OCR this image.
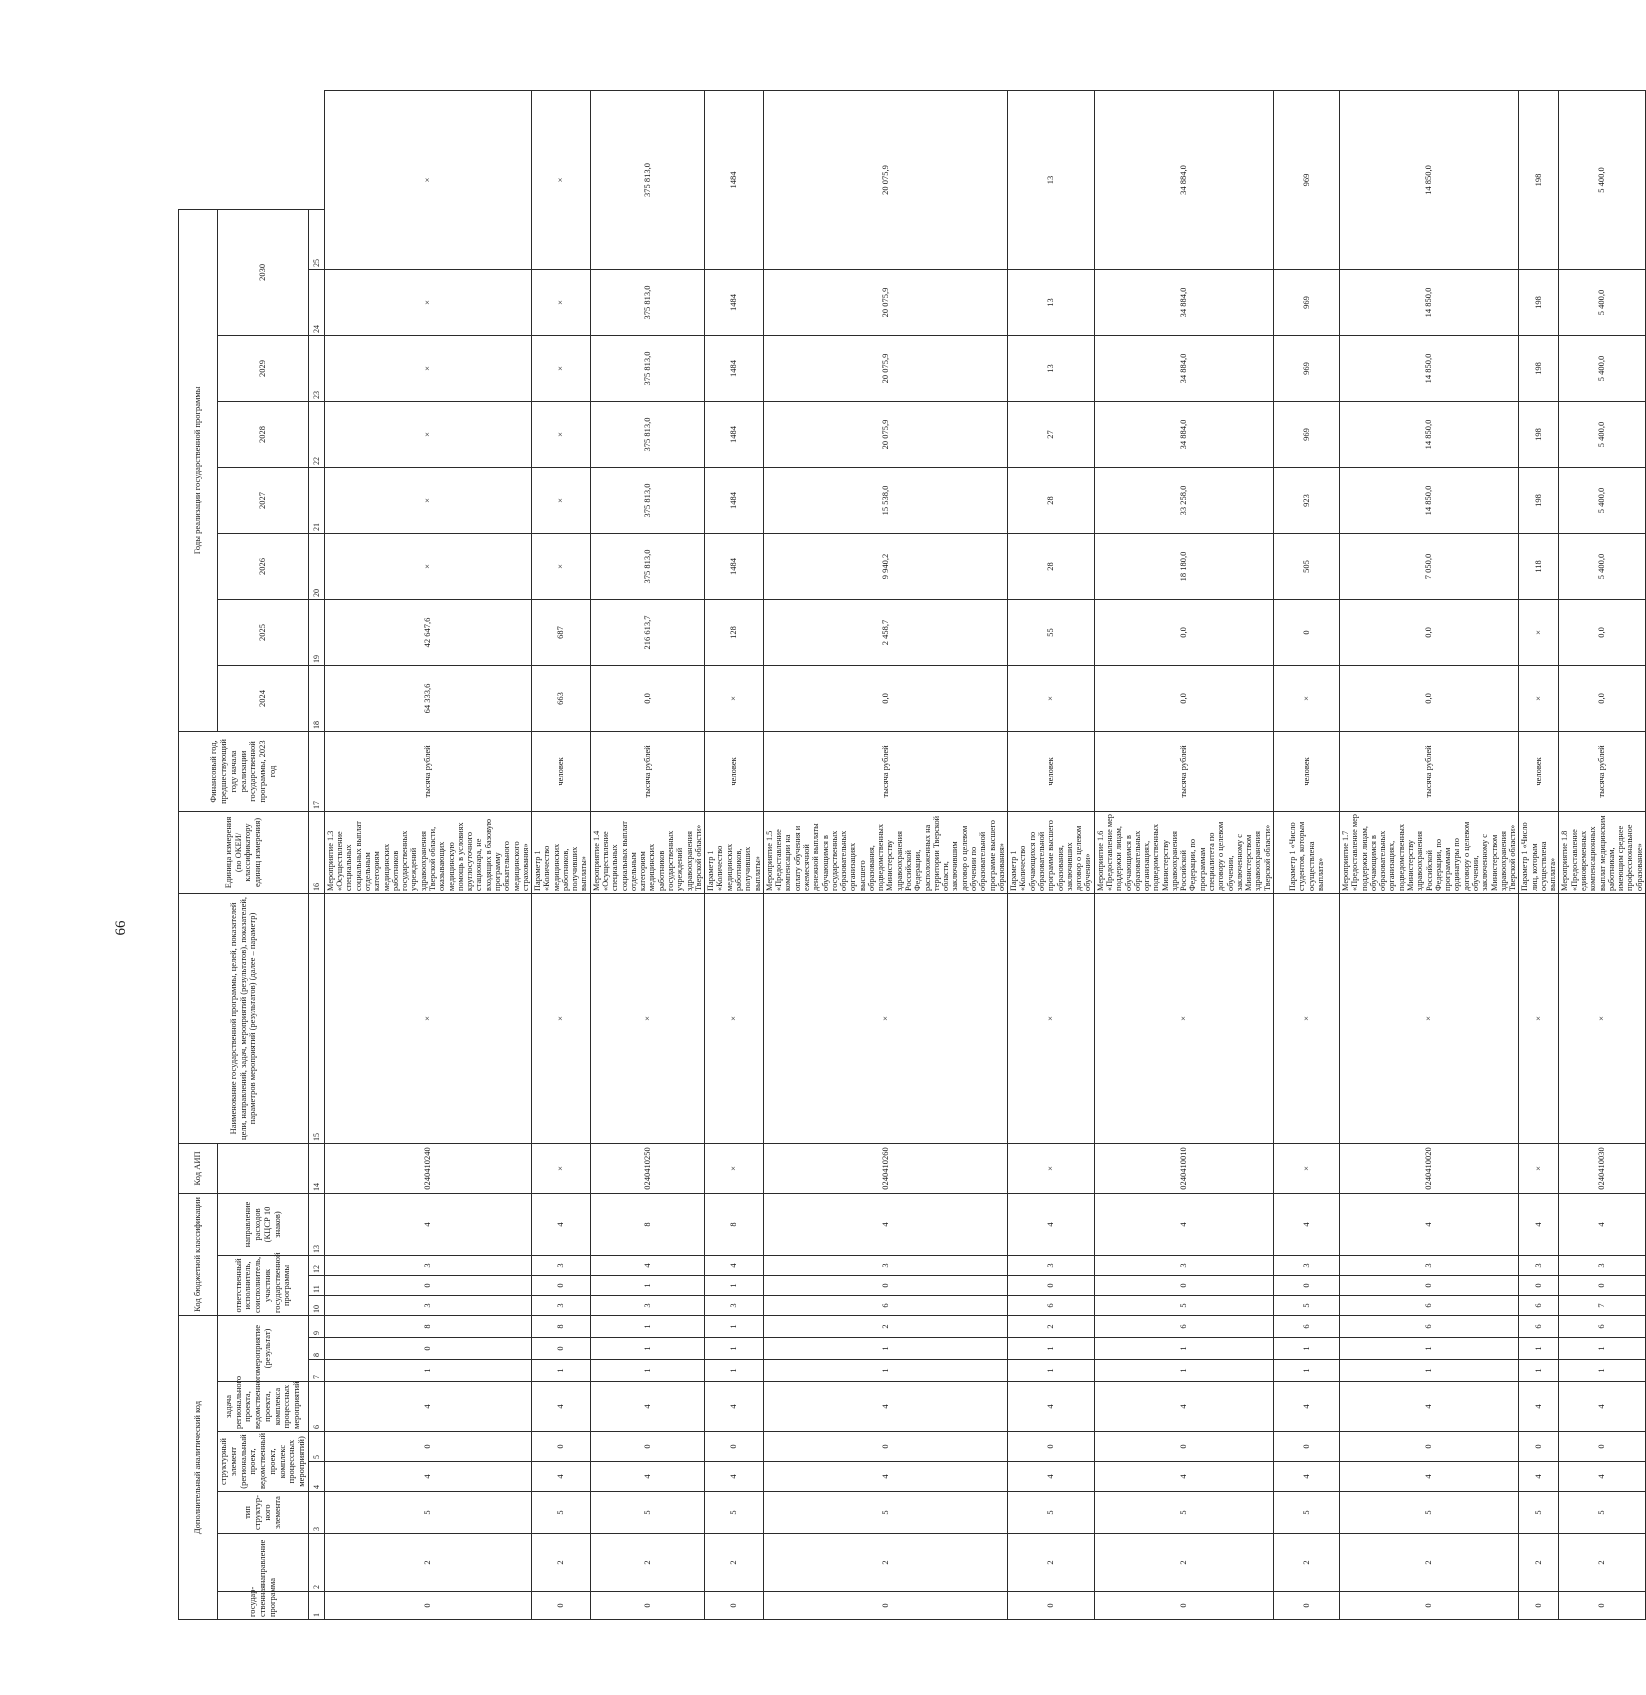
66
Дополнительный аналитический код									Код бюджетной классификации				Код АИП	Наименование государственной программы, целей, показателей цели, направлений, задач, мероприятий (результатов), показателей, параметров мероприятий (результатов) (далее – параметр)	Единица измерения (по ОКЕИ/классификатору единиц измерения)	Финансовый год, предшествующий году начала реализации государственной программы, 2023 год	Годы реализации государственной программы							
государ-ственная программа	направление	тип структур-ного элемента	структурный элемент (региональный проект, ведомственный проект, комплекс процессных мероприятий)		задача регионального проекта, ведомственного проекта, комплекса процессных мероприятий	мероприятие (результат)			ответственный исполнитель, соисполнитель, участник государственной программы			направление расходов (КЦСР 10 знаков)					2024	2025	2026	2027	2028	2029	2030	

1	2	3	4	5	6	7	8	9	10	11	12	13	14	15	16	17	18	19	20	21	22	23	24	25
0	2	5	4	0	4	1	0	8	3	0	3	4	0240410240	×	Мероприятие 1.3 «Осуществление специальных социальных выплат отдельным категориям медицинских работников государственных учреждений здравоохранения Тверской области, оказывающих медицинскую помощь в условиях круглосуточного стационара, не входящих в базовую программу обязательного медицинского страхования»	тысяча рублей	64 333,6	42 647,6	×	×	×	×	×	×
0	2	5	4	0	4	1	0	8	3	0	3	4	×	×	Параметр 1 «Количество медицинских работников, получивших выплаты»	человек	663	687	×	×	×	×	×	×
0	2	5	4	0	4	1	1	1	3	1	4	8	0240410250	×	Мероприятие 1.4 «Осуществление специальных социальных выплат отдельным категориям медицинских работников государственных учреждений здравоохранения Тверской области»	тысяча рублей	0,0	216 613,7	375 813,0	375 813,0	375 813,0	375 813,0	375 813,0	375 813,0
0	2	5	4	0	4	1	1	1	3	1	4	8	×	×	Параметр 1 «Количество медицинских работников, получивших выплаты»	человек	×	128	1484	1484	1484	1484	1484	1484
0	2	5	4	0	4	1	1	2	6	0	3	4	0240410260	×	Мероприятие 1.5 «Предоставление компенсации на оплату обучения и ежемесячной денежной выплаты обучающимся в государственных образовательных организациях высшего образования, подведомственных Министерству здравоохранения Российской Федерации, расположенных на территории Тверской области, заключившим договор о целевом обучении по образовательной программе высшего образования»	тысяча рублей	0,0	2 458,7	9 940,2	15 538,0	20 075,9	20 075,9	20 075,9	20 075,9
0	2	5	4	0	4	1	1	2	6	0	3	4	×	×	Параметр 1 «Количество обучающихся по образовательной программе высшего образования, заключивших договор о целевом обучении»	человек	×	55	28	28	27	13	13	13
0	2	5	4	0	4	1	1	6	5	0	3	4	0240410010	×	Мероприятие 1.6 «Предоставление мер поддержки лицам, обучающимся в образовательных организациях, подведомственных Министерству здравоохранения Российской Федерации, по программам специалитета по договору о целевом обучении, заключенному с Министерством здравоохранения Тверской области»	тысяча рублей	0,0	0,0	18 180,0	33 258,0	34 884,0	34 884,0	34 884,0	34 884,0
0	2	5	4	0	4	1	1	6	5	0	3	4	×	×	Параметр 1 «Число студентов, которым осуществлена выплата»	человек	×	0	505	923	969	969	969	969
0	2	5	4	0	4	1	1	6	6	0	3	4	0240410020	×	Мероприятие 1.7 «Предоставление мер поддержки лицам, обучающимся в образовательных организациях, подведомственных Министерству здравоохранения Российской Федерации, по программам ординатуры по договору о целевом обучении, заключенному с Министерством здравоохранения Тверской области»	тысяча рублей	0,0	0,0	7 050,0	14 850,0	14 850,0	14 850,0	14 850,0	14 850,0
0	2	5	4	0	4	1	1	6	6	0	3	4	×	×	Параметр 1 «Число лиц, которым осуществлена выплата»	человек	×	×	118	198	198	198	198	198
0	2	5	4	0	4	1	1	6	7	0	3	4	0240410030	×	Мероприятие 1.8 «Предоставление единовременных компенсационных выплат медицинским работникам, имеющим среднее профессиональное образование»	тысяча рублей	0,0	0,0	5 400,0	5 400,0	5 400,0	5 400,0	5 400,0	5 400,0
